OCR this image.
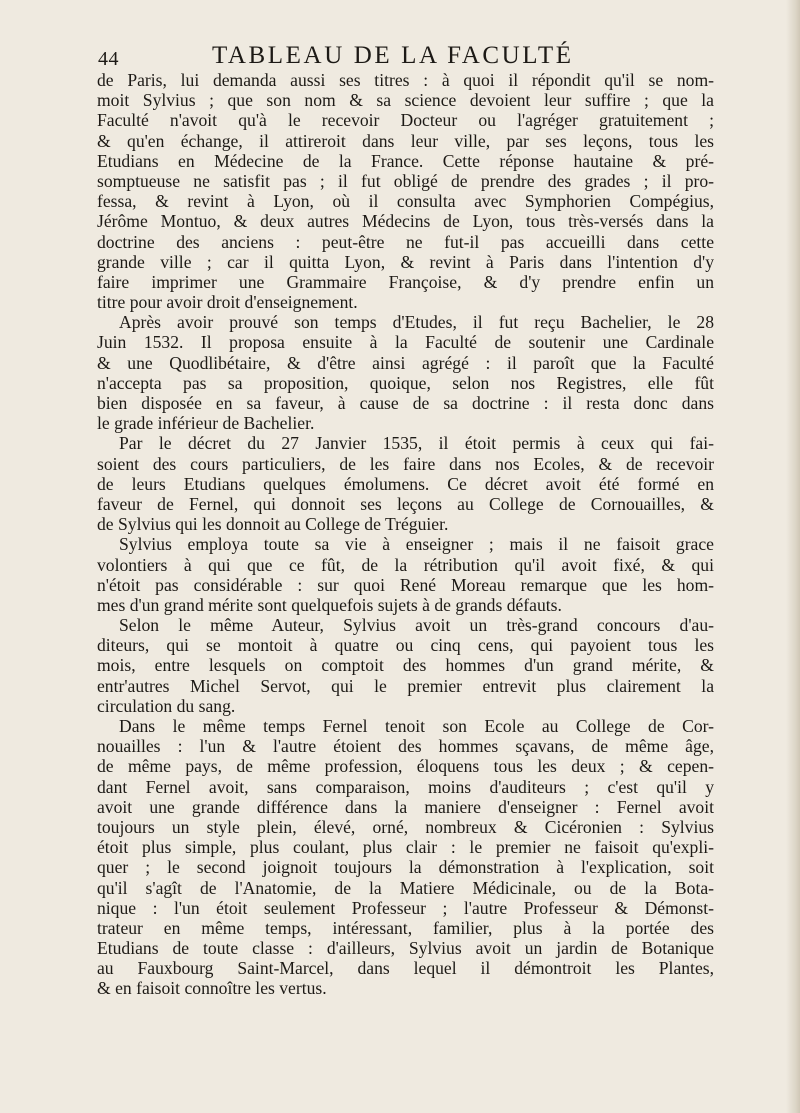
44	TABLEAU DE LA FACULTÉ
de Paris, lui demanda aussi ses titres : à quoi il répondit qu'il se nom-
moit Sylvius ; que son nom & sa science devoient leur suffire ; que la
Faculté n'avoit qu'à le recevoir Docteur ou l'agréger gratuitement ;
& qu'en échange, il attireroit dans leur ville, par ses leçons, tous les
Etudians en Médecine de la France. Cette réponse hautaine & pré-
somptueuse ne satisfit pas ; il fut obligé de prendre des grades ; il pro-
fessa, & revint à Lyon, où il consulta avec Symphorien Compégius,
Jérôme Montuo, & deux autres Médecins de Lyon, tous très-versés dans la
doctrine des anciens : peut-être ne fut-il pas accueilli dans cette
grande ville ; car il quitta Lyon, & revint à Paris dans l'intention d'y
faire imprimer une Grammaire Françoise, & d'y prendre enfin un
titre pour avoir droit d'enseignement.
Après avoir prouvé son temps d'Etudes, il fut reçu Bachelier, le 28
Juin 1532. Il proposa ensuite à la Faculté de soutenir une Cardinale
& une Quodlibétaire, & d'être ainsi agrégé : il paroît que la Faculté
n'accepta pas sa proposition, quoique, selon nos Registres, elle fût
bien disposée en sa faveur, à cause de sa doctrine : il resta donc dans
le grade inférieur de Bachelier.
Par le décret du 27 Janvier 1535, il étoit permis à ceux qui fai-
soient des cours particuliers, de les faire dans nos Ecoles, & de recevoir
de leurs Etudians quelques émolumens. Ce décret avoit été formé en
faveur de Fernel, qui donnoit ses leçons au College de Cornouailles, &
de Sylvius qui les donnoit au College de Tréguier.
Sylvius employa toute sa vie à enseigner ; mais il ne faisoit grace
volontiers à qui que ce fût, de la rétribution qu'il avoit fixé, & qui
n'étoit pas considérable : sur quoi René Moreau remarque que les hom-
mes d'un grand mérite sont quelquefois sujets à de grands défauts.
Selon le même Auteur, Sylvius avoit un très-grand concours d'au-
diteurs, qui se montoit à quatre ou cinq cens, qui payoient tous les
mois, entre lesquels on comptoit des hommes d'un grand mérite, &
entr'autres Michel Servot, qui le premier entrevit plus clairement la
circulation du sang.
Dans le même temps Fernel tenoit son Ecole au College de Cor-
nouailles : l'un & l'autre étoient des hommes sçavans, de même âge,
de même pays, de même profession, éloquens tous les deux ; & cepen-
dant Fernel avoit, sans comparaison, moins d'auditeurs ; c'est qu'il y
avoit une grande différence dans la maniere d'enseigner : Fernel avoit
toujours un style plein, élevé, orné, nombreux & Cicéronien : Sylvius
étoit plus simple, plus coulant, plus clair : le premier ne faisoit qu'expli-
quer ; le second joignoit toujours la démonstration à l'explication, soit
qu'il s'agît de l'Anatomie, de la Matiere Médicinale, ou de la Bota-
nique : l'un étoit seulement Professeur ; l'autre Professeur & Démonst-
trateur en même temps, intéressant, familier, plus à la portée des
Etudians de toute classe : d'ailleurs, Sylvius avoit un jardin de Botanique
au Fauxbourg Saint-Marcel, dans lequel il démontroit les Plantes,
& en faisoit connoître les vertus.
